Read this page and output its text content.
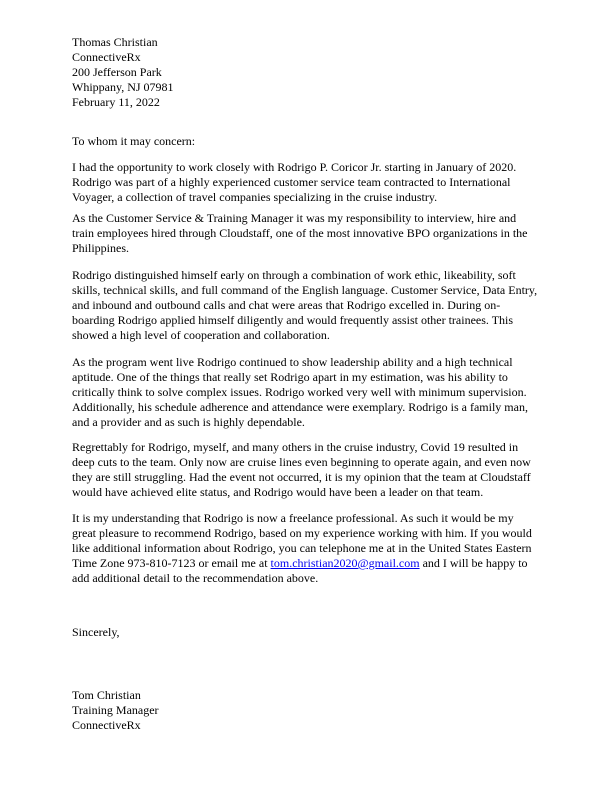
Thomas Christian
ConnectiveRx
200 Jefferson Park
Whippany, NJ 07981
February 11, 2022
To whom it may concern:
I had the opportunity to work closely with Rodrigo P. Coricor Jr. starting in January of 2020.
Rodrigo was part of a highly experienced customer service team contracted to International
Voyager, a collection of travel companies specializing in the cruise industry.
As the Customer Service & Training Manager it was my responsibility to interview, hire and
train employees hired through Cloudstaff, one of the most innovative BPO organizations in the
Philippines.
Rodrigo distinguished himself early on through a combination of work ethic, likeability, soft
skills, technical skills, and full command of the English language. Customer Service, Data Entry,
and inbound and outbound calls and chat were areas that Rodrigo excelled in. During on-
boarding Rodrigo applied himself diligently and would frequently assist other trainees. This
showed a high level of cooperation and collaboration.
As the program went live Rodrigo continued to show leadership ability and a high technical
aptitude. One of the things that really set Rodrigo apart in my estimation, was his ability to
critically think to solve complex issues. Rodrigo worked very well with minimum supervision.
Additionally, his schedule adherence and attendance were exemplary. Rodrigo is a family man,
and a provider and as such is highly dependable.
Regrettably for Rodrigo, myself, and many others in the cruise industry, Covid 19 resulted in
deep cuts to the team. Only now are cruise lines even beginning to operate again, and even now
they are still struggling. Had the event not occurred, it is my opinion that the team at Cloudstaff
would have achieved elite status, and Rodrigo would have been a leader on that team.
It is my understanding that Rodrigo is now a freelance professional. As such it would be my
great pleasure to recommend Rodrigo, based on my experience working with him. If you would
like additional information about Rodrigo, you can telephone me at in the United States Eastern
Time Zone 973-810-7123 or email me at tom.christian2020@gmail.com and I will be happy to
add additional detail to the recommendation above.
Sincerely,
Tom Christian
Training Manager
ConnectiveRx
